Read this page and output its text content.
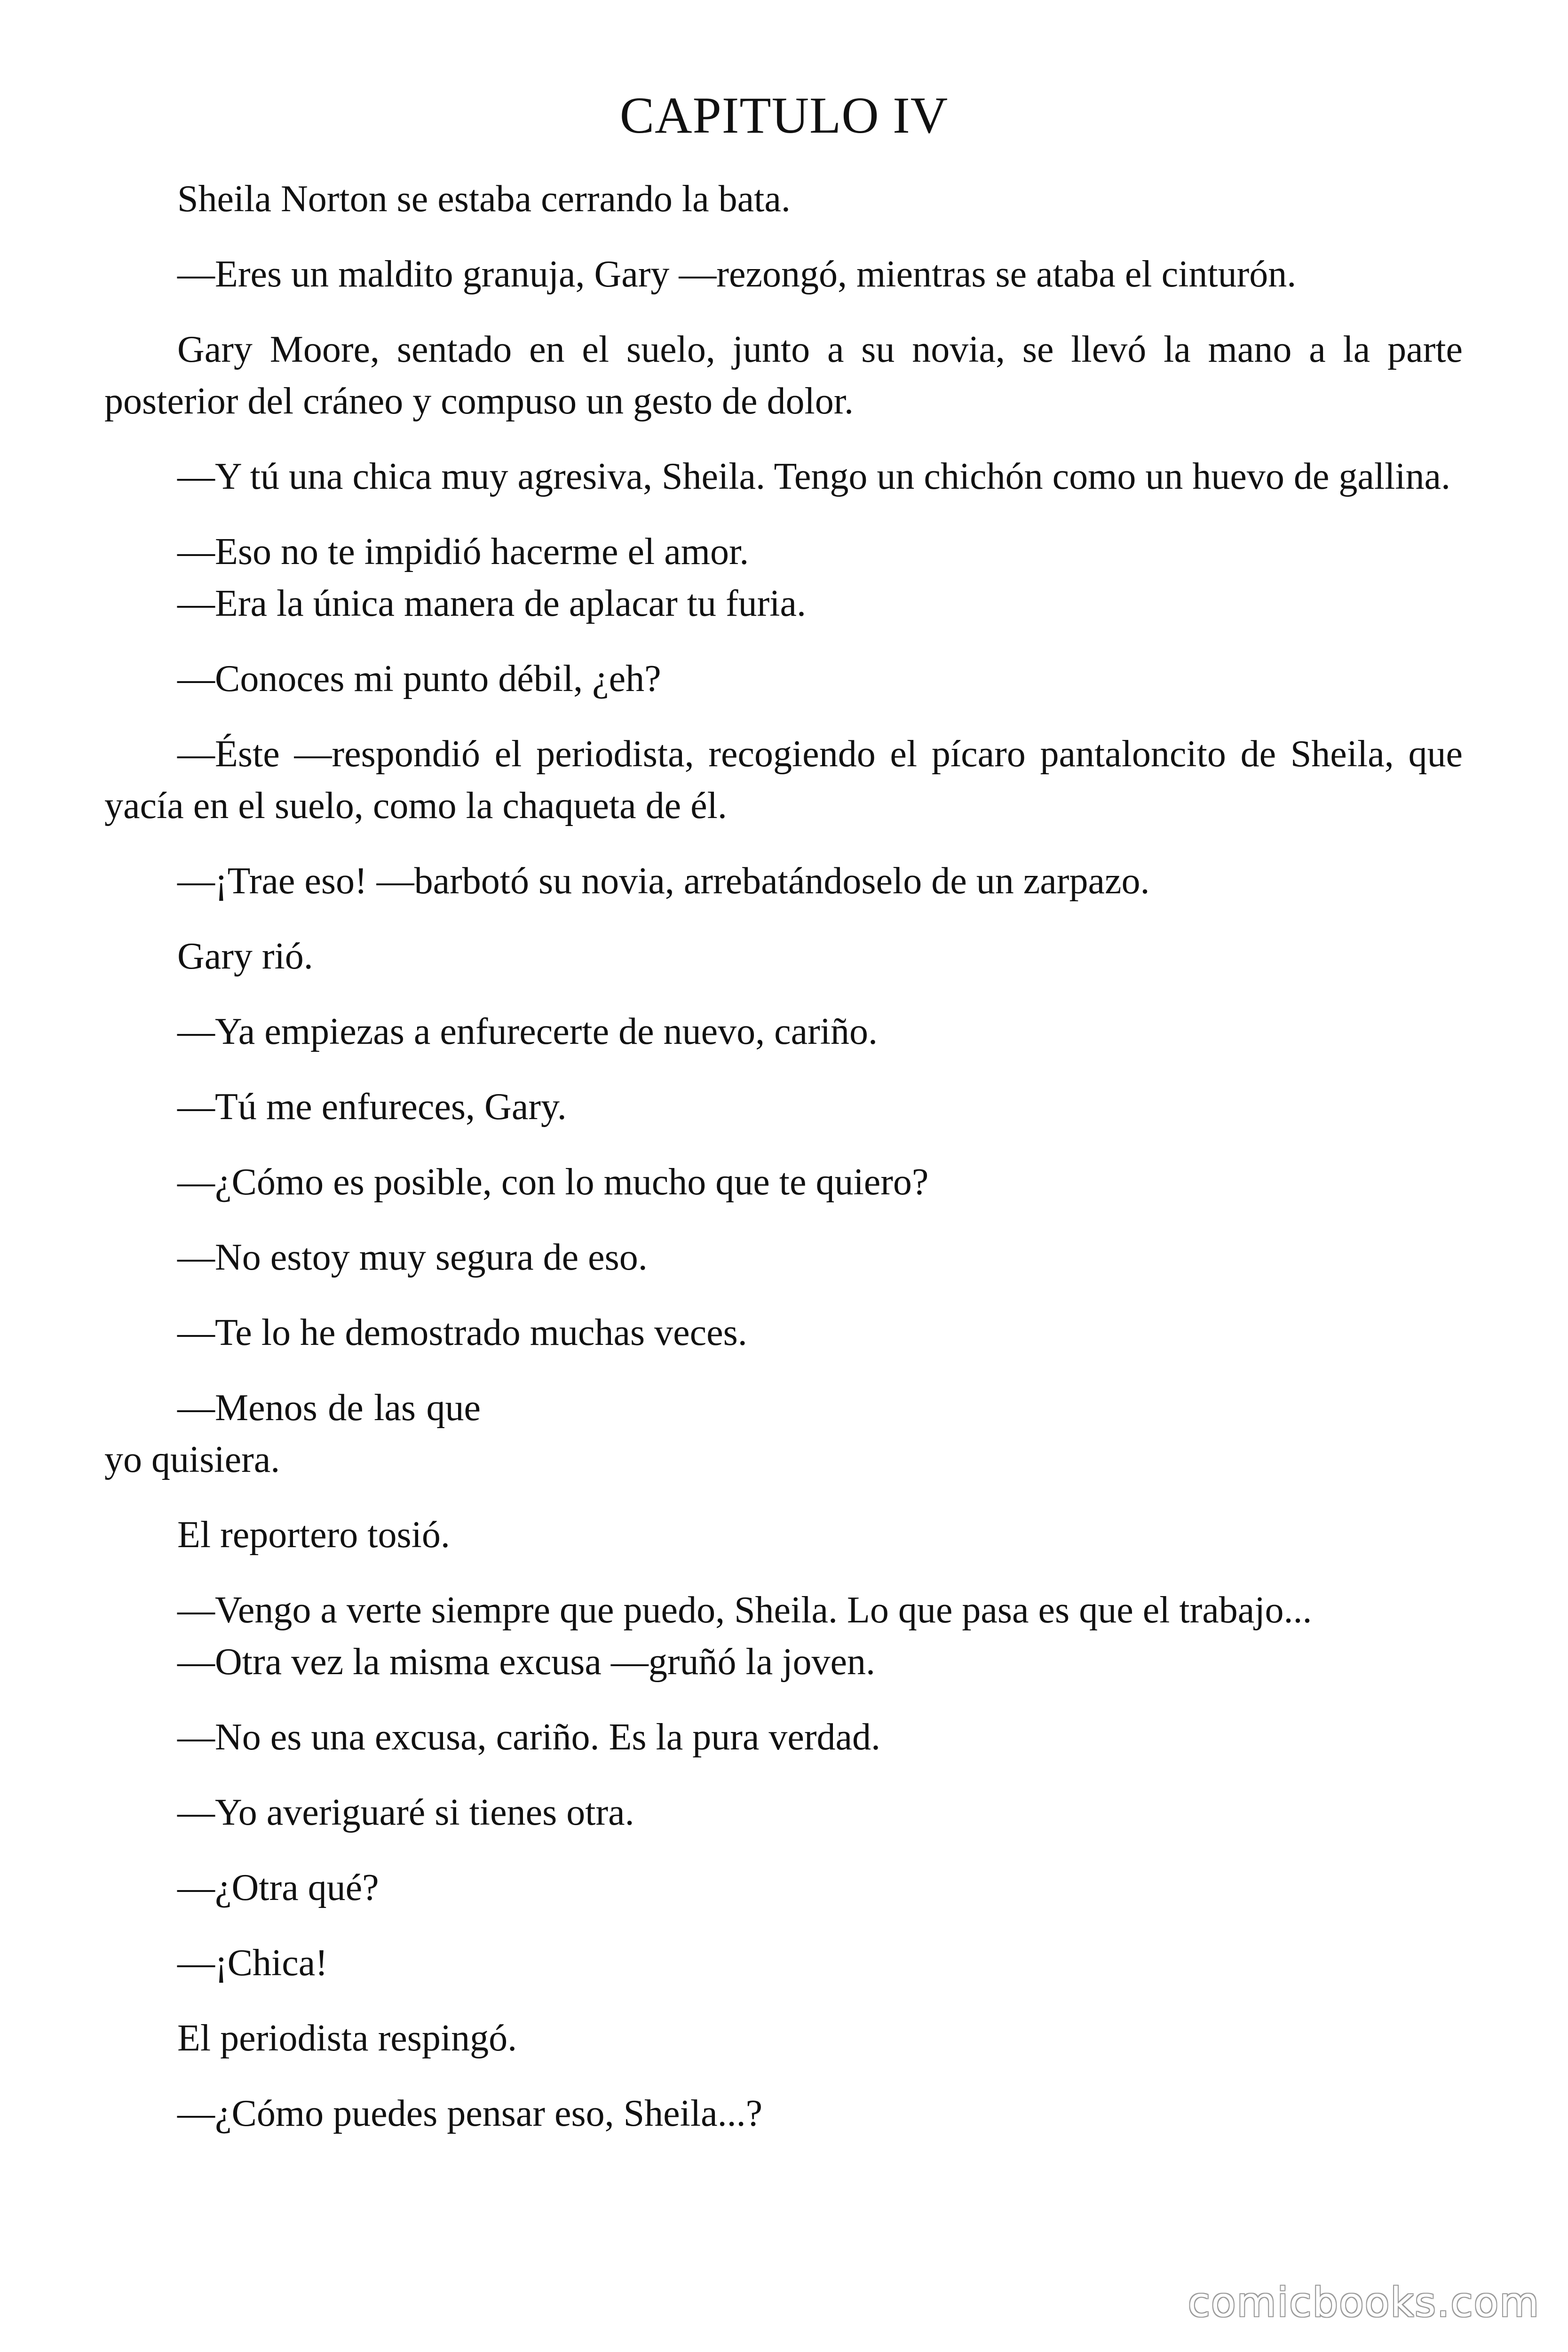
CAPITULO IV

Sheila Norton se estaba cerrando la bata.

—Eres un maldito granuja, Gary —rezongó, mientras se ataba el cinturón.

Gary Moore, sentado en el suelo, junto a su novia, se llevó la mano a la parte posterior del cráneo y compuso un gesto de dolor.

—Y tú una chica muy agresiva, Sheila. Tengo un chichón como un huevo de gallina.

—Eso no te impidió hacerme el amor.

—Era la única manera de aplacar tu furia.

—Conoces mi punto débil, ¿eh?

—Éste —respondió el periodista, recogiendo el pícaro pantaloncito de Sheila, que yacía en el suelo, como la chaqueta de él.

—¡Trae eso! —barbotó su novia, arrebatándoselo de un zarpazo.

Gary rió.

—Ya empiezas a enfurecerte de nuevo, cariño.

—Tú me enfureces, Gary.

—¿Cómo es posible, con lo mucho que te quiero?

—No estoy muy segura de eso.

—Te lo he demostrado muchas veces.

—Menos de las que yo quisiera.

El reportero tosió.

—Vengo a verte siempre que puedo, Sheila. Lo que pasa es que el trabajo...

—Otra vez la misma excusa —gruñó la joven.

—No es una excusa, cariño. Es la pura verdad.

—Yo averiguaré si tienes otra.

—¿Otra qué?

—¡Chica!

El periodista respingó.

—¿Cómo puedes pensar eso, Sheila...?

comicbooks.com
